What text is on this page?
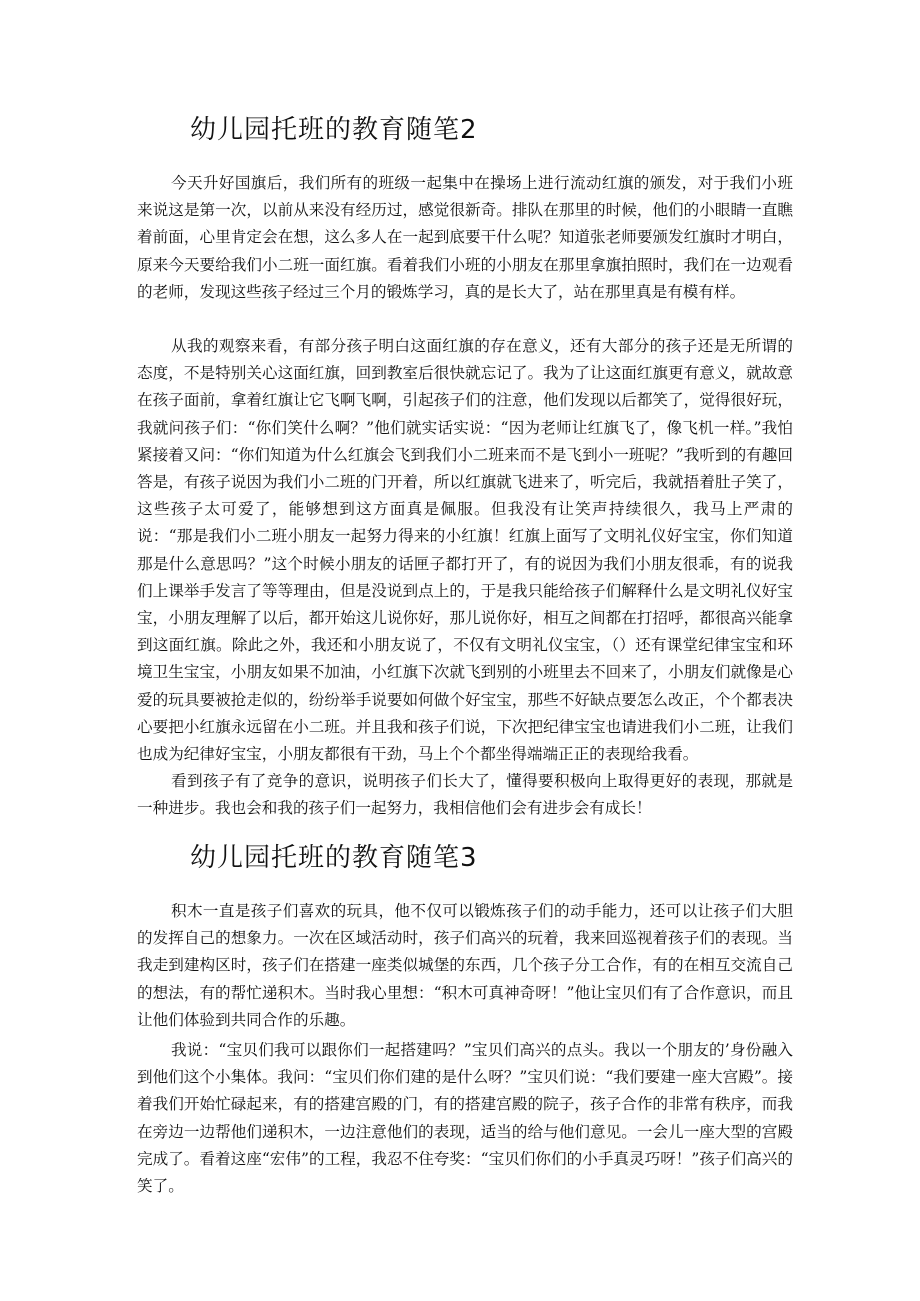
幼儿园托班的教育随笔2

今天升好国旗后，我们所有的班级一起集中在操场上进行流动红旗的颁发，对于我们小班来说这是第一次，以前从来没有经历过，感觉很新奇。排队在那里的时候，他们的小眼睛一直瞧着前面，心里肯定会在想，这么多人在一起到底要干什么呢？知道张老师要颁发红旗时才明白，原来今天要给我们小二班一面红旗。看着我们小班的小朋友在那里拿旗拍照时，我们在一边观看的老师，发现这些孩子经过三个月的锻炼学习，真的是长大了，站在那里真是有模有样。

从我的观察来看，有部分孩子明白这面红旗的存在意义，还有大部分的孩子还是无所谓的态度，不是特别关心这面红旗，回到教室后很快就忘记了。我为了让这面红旗更有意义，就故意在孩子面前，拿着红旗让它飞啊飞啊，引起孩子们的注意，他们发现以后都笑了，觉得很好玩，我就问孩子们：“你们笑什么啊？”他们就实话实说：“因为老师让红旗飞了，像飞机一样。”我怕紧接着又问：“你们知道为什么红旗会飞到我们小二班来而不是飞到小一班呢？”我听到的有趣回答是，有孩子说因为我们小二班的门开着，所以红旗就飞进来了，听完后，我就捂着肚子笑了，这些孩子太可爱了，能够想到这方面真是佩服。但我没有让笑声持续很久，我马上严肃的说：“那是我们小二班小朋友一起努力得来的小红旗！红旗上面写了文明礼仪好宝宝，你们知道那是什么意思吗？”这个时候小朋友的话匣子都打开了，有的说因为我们小朋友很乖，有的说我们上课举手发言了等等理由，但是没说到点上的，于是我只能给孩子们解释什么是文明礼仪好宝宝，小朋友理解了以后，都开始这儿说你好，那儿说你好，相互之间都在打招呼，都很高兴能拿到这面红旗。除此之外，我还和小朋友说了，不仅有文明礼仪宝宝，（）还有课堂纪律宝宝和环境卫生宝宝，小朋友如果不加油，小红旗下次就飞到别的小班里去不回来了，小朋友们就像是心爱的玩具要被抢走似的，纷纷举手说要如何做个好宝宝，那些不好缺点要怎么改正，个个都表决心要把小红旗永远留在小二班。并且我和孩子们说，下次把纪律宝宝也请进我们小二班，让我们也成为纪律好宝宝，小朋友都很有干劲，马上个个都坐得端端正正的表现给我看。

看到孩子有了竞争的意识，说明孩子们长大了，懂得要积极向上取得更好的表现，那就是一种进步。我也会和我的孩子们一起努力，我相信他们会有进步会有成长！

幼儿园托班的教育随笔3

积木一直是孩子们喜欢的玩具，他不仅可以锻炼孩子们的动手能力，还可以让孩子们大胆的发挥自己的想象力。一次在区域活动时，孩子们高兴的玩着，我来回巡视着孩子们的表现。当我走到建构区时，孩子们在搭建一座类似城堡的东西，几个孩子分工合作，有的在相互交流自己的想法，有的帮忙递积木。当时我心里想：“积木可真神奇呀！”他让宝贝们有了合作意识，而且让他们体验到共同合作的乐趣。

我说：“宝贝们我可以跟你们一起搭建吗？”宝贝们高兴的点头。我以一个朋友的’身份融入到他们这个小集体。我问：“宝贝们你们建的是什么呀？”宝贝们说：“我们要建一座大宫殿”。接着我们开始忙碌起来，有的搭建宫殿的门，有的搭建宫殿的院子，孩子合作的非常有秩序，而我在旁边一边帮他们递积木，一边注意他们的表现，适当的给与他们意见。一会儿一座大型的宫殿完成了。看着这座“宏伟”的工程，我忍不住夸奖：“宝贝们你们的小手真灵巧呀！”孩子们高兴的笑了。
